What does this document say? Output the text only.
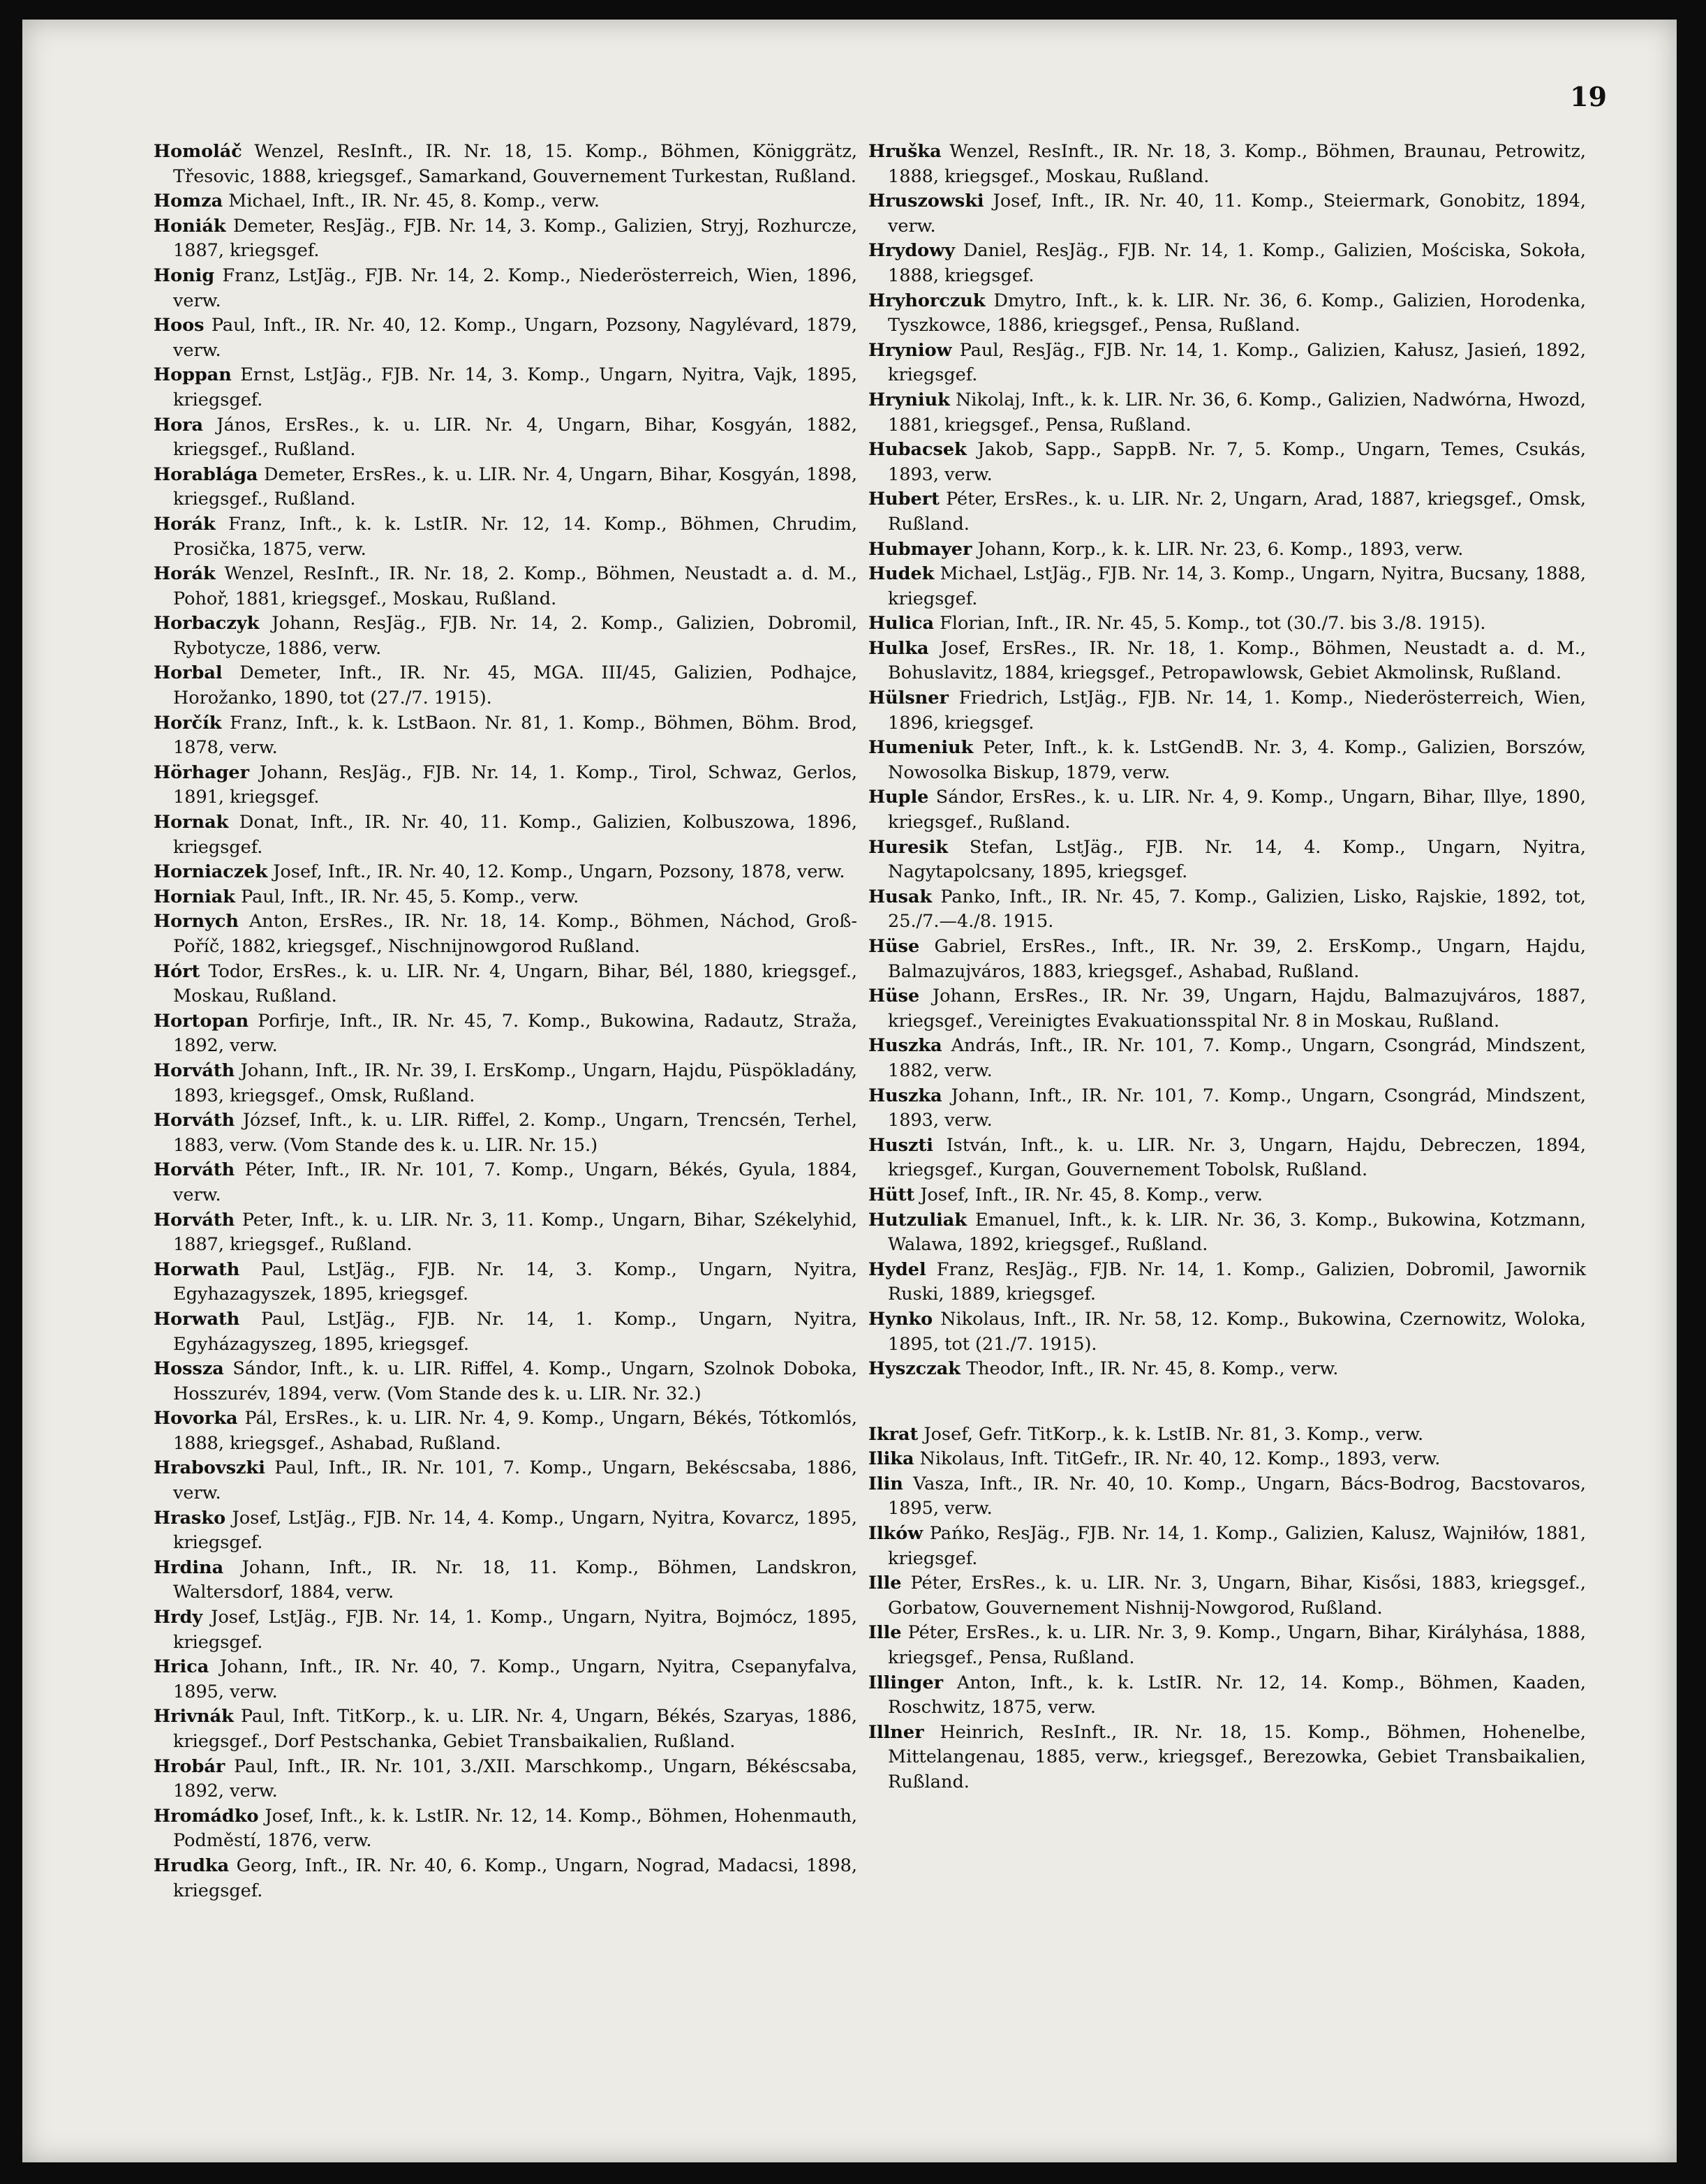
19

Homoláč Wenzel, ResInft., IR. Nr. 18, 15. Komp., Böhmen, Königgrätz, Třesovic, 1888, kriegsgef., Samarkand, Gouvernement Turkestan, Rußland.

Homza Michael, Inft., IR. Nr. 45, 8. Komp., verw.

Honiák Demeter, ResJäg., FJB. Nr. 14, 3. Komp., Galizien, Stryj, Rozhurcze, 1887, kriegsgef.

Honig Franz, LstJäg., FJB. Nr. 14, 2. Komp., Niederösterreich, Wien, 1896, verw.

Hoos Paul, Inft., IR. Nr. 40, 12. Komp., Ungarn, Pozsony, Nagylévard, 1879, verw.

Hoppan Ernst, LstJäg., FJB. Nr. 14, 3. Komp., Ungarn, Nyitra, Vajk, 1895, kriegsgef.

Hora János, ErsRes., k. u. LIR. Nr. 4, Ungarn, Bihar, Kosgyán, 1882, kriegsgef., Rußland.

Horablága Demeter, ErsRes., k. u. LIR. Nr. 4, Ungarn, Bihar, Kosgyán, 1898, kriegsgef., Rußland.

Horák Franz, Inft., k. k. LstIR. Nr. 12, 14. Komp., Böhmen, Chrudim, Prosička, 1875, verw.

Horák Wenzel, ResInft., IR. Nr. 18, 2. Komp., Böhmen, Neustadt a. d. M., Pohoř, 1881, kriegsgef., Moskau, Rußland.

Horbaczyk Johann, ResJäg., FJB. Nr. 14, 2. Komp., Galizien, Dobromil, Rybotycze, 1886, verw.

Horbal Demeter, Inft., IR. Nr. 45, MGA. III/45, Galizien, Podhajce, Horožanko, 1890, tot (27./7. 1915).

Horčík Franz, Inft., k. k. LstBaon. Nr. 81, 1. Komp., Böhmen, Böhm. Brod, 1878, verw.

Hörhager Johann, ResJäg., FJB. Nr. 14, 1. Komp., Tirol, Schwaz, Gerlos, 1891, kriegsgef.

Hornak Donat, Inft., IR. Nr. 40, 11. Komp., Galizien, Kolbuszowa, 1896, kriegsgef.

Horniaczek Josef, Inft., IR. Nr. 40, 12. Komp., Ungarn, Pozsony, 1878, verw.

Horniak Paul, Inft., IR. Nr. 45, 5. Komp., verw.

Hornych Anton, ErsRes., IR. Nr. 18, 14. Komp., Böhmen, Náchod, Groß-Poříč, 1882, kriegsgef., Nischnijnowgorod Rußland.

Hórt Todor, ErsRes., k. u. LIR. Nr. 4, Ungarn, Bihar, Bél, 1880, kriegsgef., Moskau, Rußland.

Hortopan Porfirje, Inft., IR. Nr. 45, 7. Komp., Bukowina, Radautz, Straža, 1892, verw.

Horváth Johann, Inft., IR. Nr. 39, I. ErsKomp., Ungarn, Hajdu, Püspökladány, 1893, kriegsgef., Omsk, Rußland.

Horváth József, Inft., k. u. LIR. Riffel, 2. Komp., Ungarn, Trencsén, Terhel, 1883, verw. (Vom Stande des k. u. LIR. Nr. 15.)

Horváth Péter, Inft., IR. Nr. 101, 7. Komp., Ungarn, Békés, Gyula, 1884, verw.

Horváth Peter, Inft., k. u. LIR. Nr. 3, 11. Komp., Ungarn, Bihar, Székelyhid, 1887, kriegsgef., Rußland.

Horwath Paul, LstJäg., FJB. Nr. 14, 3. Komp., Ungarn, Nyitra, Egyhazagyszek, 1895, kriegsgef.

Horwath Paul, LstJäg., FJB. Nr. 14, 1. Komp., Ungarn, Nyitra, Egyházagyszeg, 1895, kriegsgef.

Hossza Sándor, Inft., k. u. LIR. Riffel, 4. Komp., Ungarn, Szolnok Doboka, Hosszurév, 1894, verw. (Vom Stande des k. u. LIR. Nr. 32.)

Hovorka Pál, ErsRes., k. u. LIR. Nr. 4, 9. Komp., Ungarn, Békés, Tótkomlós, 1888, kriegsgef., Ashabad, Rußland.

Hrabovszki Paul, Inft., IR. Nr. 101, 7. Komp., Ungarn, Bekéscsaba, 1886, verw.

Hrasko Josef, LstJäg., FJB. Nr. 14, 4. Komp., Ungarn, Nyitra, Kovarcz, 1895, kriegsgef.

Hrdina Johann, Inft., IR. Nr. 18, 11. Komp., Böhmen, Landskron, Waltersdorf, 1884, verw.

Hrdy Josef, LstJäg., FJB. Nr. 14, 1. Komp., Ungarn, Nyitra, Bojmócz, 1895, kriegsgef.

Hrica Johann, Inft., IR. Nr. 40, 7. Komp., Ungarn, Nyitra, Csepanyfalva, 1895, verw.

Hrivnák Paul, Inft. TitKorp., k. u. LIR. Nr. 4, Ungarn, Békés, Szaryas, 1886, kriegsgef., Dorf Pestschanka, Gebiet Transbaikalien, Rußland.

Hrobár Paul, Inft., IR. Nr. 101, 3./XII. Marschkomp., Ungarn, Békéscsaba, 1892, verw.

Hromádko Josef, Inft., k. k. LstIR. Nr. 12, 14. Komp., Böhmen, Hohenmauth, Podměstí, 1876, verw.

Hrudka Georg, Inft., IR. Nr. 40, 6. Komp., Ungarn, Nograd, Madacsi, 1898, kriegsgef.

Hruška Wenzel, ResInft., IR. Nr. 18, 3. Komp., Böhmen, Braunau, Petrowitz, 1888, kriegsgef., Moskau, Rußland.

Hruszowski Josef, Inft., IR. Nr. 40, 11. Komp., Steiermark, Gonobitz, 1894, verw.

Hrydowy Daniel, ResJäg., FJB. Nr. 14, 1. Komp., Galizien, Mościska, Sokoła, 1888, kriegsgef.

Hryhorczuk Dmytro, Inft., k. k. LIR. Nr. 36, 6. Komp., Galizien, Horodenka, Tyszkowce, 1886, kriegsgef., Pensa, Rußland.

Hryniow Paul, ResJäg., FJB. Nr. 14, 1. Komp., Galizien, Kałusz, Jasień, 1892, kriegsgef.

Hryniuk Nikolaj, Inft., k. k. LIR. Nr. 36, 6. Komp., Galizien, Nadwórna, Hwozd, 1881, kriegsgef., Pensa, Rußland.

Hubacsek Jakob, Sapp., SappB. Nr. 7, 5. Komp., Ungarn, Temes, Csukás, 1893, verw.

Hubert Péter, ErsRes., k. u. LIR. Nr. 2, Ungarn, Arad, 1887, kriegsgef., Omsk, Rußland.

Hubmayer Johann, Korp., k. k. LIR. Nr. 23, 6. Komp., 1893, verw.

Hudek Michael, LstJäg., FJB. Nr. 14, 3. Komp., Ungarn, Nyitra, Bucsany, 1888, kriegsgef.

Hulica Florian, Inft., IR. Nr. 45, 5. Komp., tot (30./7. bis 3./8. 1915).

Hulka Josef, ErsRes., IR. Nr. 18, 1. Komp., Böhmen, Neustadt a. d. M., Bohuslavitz, 1884, kriegsgef., Petropawlowsk, Gebiet Akmolinsk, Rußland.

Hülsner Friedrich, LstJäg., FJB. Nr. 14, 1. Komp., Niederösterreich, Wien, 1896, kriegsgef.

Humeniuk Peter, Inft., k. k. LstGendB. Nr. 3, 4. Komp., Galizien, Borszów, Nowosolka Biskup, 1879, verw.

Huple Sándor, ErsRes., k. u. LIR. Nr. 4, 9. Komp., Ungarn, Bihar, Illye, 1890, kriegsgef., Rußland.

Huresik Stefan, LstJäg., FJB. Nr. 14, 4. Komp., Ungarn, Nyitra, Nagytapolcsany, 1895, kriegsgef.

Husak Panko, Inft., IR. Nr. 45, 7. Komp., Galizien, Lisko, Rajskie, 1892, tot, 25./7.—4./8. 1915.

Hüse Gabriel, ErsRes., Inft., IR. Nr. 39, 2. ErsKomp., Ungarn, Hajdu, Balmazujváros, 1883, kriegsgef., Ashabad, Rußland.

Hüse Johann, ErsRes., IR. Nr. 39, Ungarn, Hajdu, Balmazujváros, 1887, kriegsgef., Vereinigtes Evakuationsspital Nr. 8 in Moskau, Rußland.

Huszka András, Inft., IR. Nr. 101, 7. Komp., Ungarn, Csongrád, Mindszent, 1882, verw.

Huszka Johann, Inft., IR. Nr. 101, 7. Komp., Ungarn, Csongrád, Mindszent, 1893, verw.

Huszti István, Inft., k. u. LIR. Nr. 3, Ungarn, Hajdu, Debreczen, 1894, kriegsgef., Kurgan, Gouvernement Tobolsk, Rußland.

Hütt Josef, Inft., IR. Nr. 45, 8. Komp., verw.

Hutzuliak Emanuel, Inft., k. k. LIR. Nr. 36, 3. Komp., Bukowina, Kotzmann, Walawa, 1892, kriegsgef., Rußland.

Hydel Franz, ResJäg., FJB. Nr. 14, 1. Komp., Galizien, Dobromil, Jawornik Ruski, 1889, kriegsgef.

Hynko Nikolaus, Inft., IR. Nr. 58, 12. Komp., Bukowina, Czernowitz, Woloka, 1895, tot (21./7. 1915).

Hyszczak Theodor, Inft., IR. Nr. 45, 8. Komp., verw.

Ikrat Josef, Gefr. TitKorp., k. k. LstIB. Nr. 81, 3. Komp., verw.

Ilika Nikolaus, Inft. TitGefr., IR. Nr. 40, 12. Komp., 1893, verw.

Ilin Vasza, Inft., IR. Nr. 40, 10. Komp., Ungarn, Bács-Bodrog, Bacstovaros, 1895, verw.

Ilków Pańko, ResJäg., FJB. Nr. 14, 1. Komp., Galizien, Kalusz, Wajniłów, 1881, kriegsgef.

Ille Péter, ErsRes., k. u. LIR. Nr. 3, Ungarn, Bihar, Kisősi, 1883, kriegsgef., Gorbatow, Gouvernement Nishnij-Nowgorod, Rußland.

Ille Péter, ErsRes., k. u. LIR. Nr. 3, 9. Komp., Ungarn, Bihar, Királyhása, 1888, kriegsgef., Pensa, Rußland.

Illinger Anton, Inft., k. k. LstIR. Nr. 12, 14. Komp., Böhmen, Kaaden, Roschwitz, 1875, verw.

Illner Heinrich, ResInft., IR. Nr. 18, 15. Komp., Böhmen, Hohenelbe, Mittelangenau, 1885, verw., kriegsgef., Berezowka, Gebiet Transbaikalien, Rußland.
